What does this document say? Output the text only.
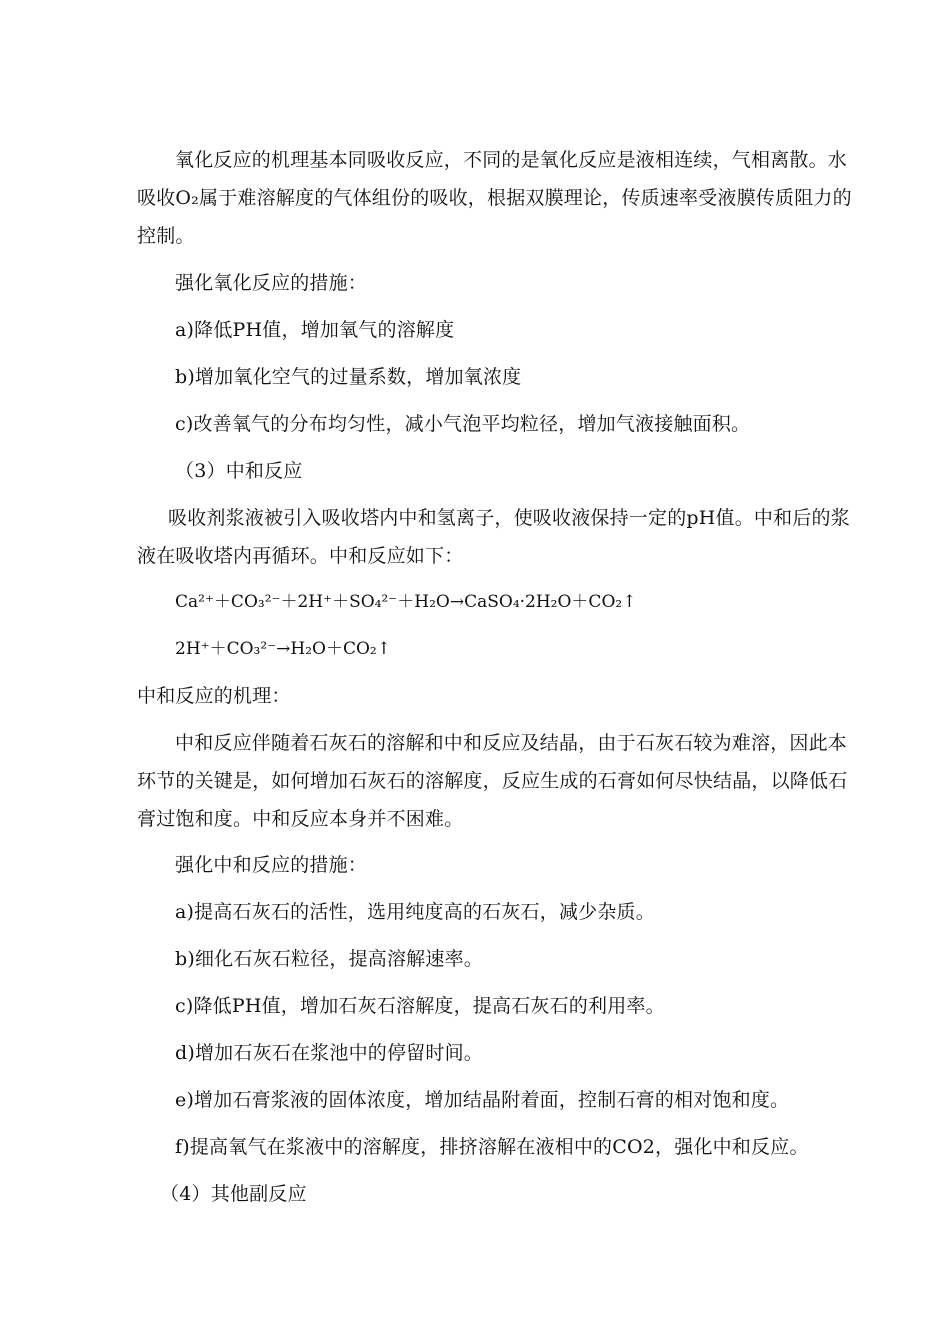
氧化反应的机理基本同吸收反应，不同的是氧化反应是液相连续，气相离散。水
吸收O₂属于难溶解度的气体组份的吸收，根据双膜理论，传质速率受液膜传质阻力的
控制。
强化氧化反应的措施：
a)降低PH值，增加氧气的溶解度
b)增加氧化空气的过量系数，增加氧浓度
c)改善氧气的分布均匀性，减小气泡平均粒径，增加气液接触面积。
（3）中和反应
吸收剂浆液被引入吸收塔内中和氢离子，使吸收液保持一定的pH值。中和后的浆
液在吸收塔内再循环。中和反应如下：
Ca²⁺＋CO₃²⁻＋2H⁺＋SO₄²⁻＋H₂O→CaSO₄·2H₂O＋CO₂↑
2H⁺＋CO₃²⁻→H₂O＋CO₂↑
中和反应的机理：
中和反应伴随着石灰石的溶解和中和反应及结晶，由于石灰石较为难溶，因此本
环节的关键是，如何增加石灰石的溶解度，反应生成的石膏如何尽快结晶，以降低石
膏过饱和度。中和反应本身并不困难。
强化中和反应的措施：
a)提高石灰石的活性，选用纯度高的石灰石，减少杂质。
b)细化石灰石粒径，提高溶解速率。
c)降低PH值，增加石灰石溶解度，提高石灰石的利用率。
d)增加石灰石在浆池中的停留时间。
e)增加石膏浆液的固体浓度，增加结晶附着面，控制石膏的相对饱和度。
f)提高氧气在浆液中的溶解度，排挤溶解在液相中的CO2，强化中和反应。
（4）其他副反应
